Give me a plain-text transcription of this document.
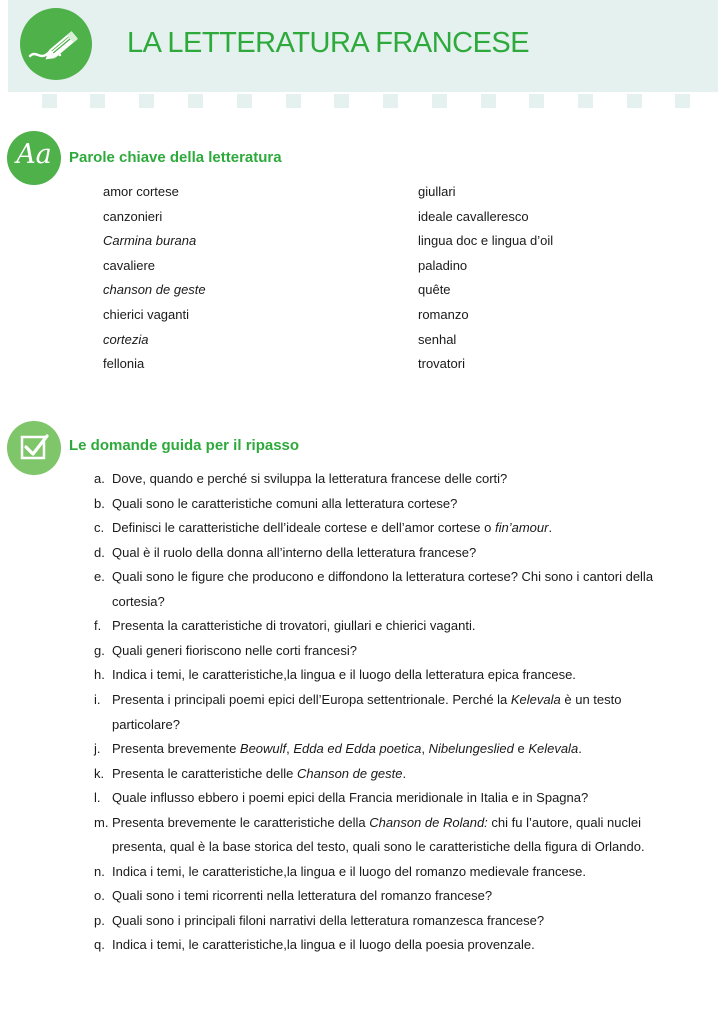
LA LETTERATURA FRANCESE
Aa	Parole chiave della letteratura
amor cortese
canzonieri
Carmina burana
cavaliere
chanson de geste
chierici vaganti
cortezia
fellonia
giullari
ideale cavalleresco
lingua doc e lingua d’oil
paladino
quête
romanzo
senhal
trovatori
Le domande guida per il ripasso
a. Dove, quando e perché si sviluppa la letteratura francese delle corti?
b. Quali sono le caratteristiche comuni alla letteratura cortese?
c. Definisci le caratteristiche dell’ideale cortese e dell’amor cortese o fin’amour.
d. Qual è il ruolo della donna all’interno della letteratura francese?
e. Quali sono le figure che producono e diffondono la letteratura cortese? Chi sono i cantori della
cortesia?
f. Presenta la caratteristiche di trovatori, giullari e chierici vaganti.
g. Quali generi fioriscono nelle corti francesi?
h. Indica i temi, le caratteristiche,la lingua e il luogo della letteratura epica francese.
i. Presenta i principali poemi epici dell’Europa settentrionale. Perché la Kelevala è un testo
particolare?
j. Presenta brevemente Beowulf, Edda ed Edda poetica, Nibelungeslied e Kelevala.
k. Presenta le caratteristiche delle Chanson de geste.
l. Quale influsso ebbero i poemi epici della Francia meridionale in Italia e in Spagna?
m. Presenta brevemente le caratteristiche della Chanson de Roland: chi fu l’autore, quali nuclei
presenta, qual è la base storica del testo, quali sono le caratteristiche della figura di Orlando.
n. Indica i temi, le caratteristiche,la lingua e il luogo del romanzo medievale francese.
o. Quali sono i temi ricorrenti nella letteratura del romanzo francese?
p. Quali sono i principali filoni narrativi della letteratura romanzesca francese?
q. Indica i temi, le caratteristiche,la lingua e il luogo della poesia provenzale.
